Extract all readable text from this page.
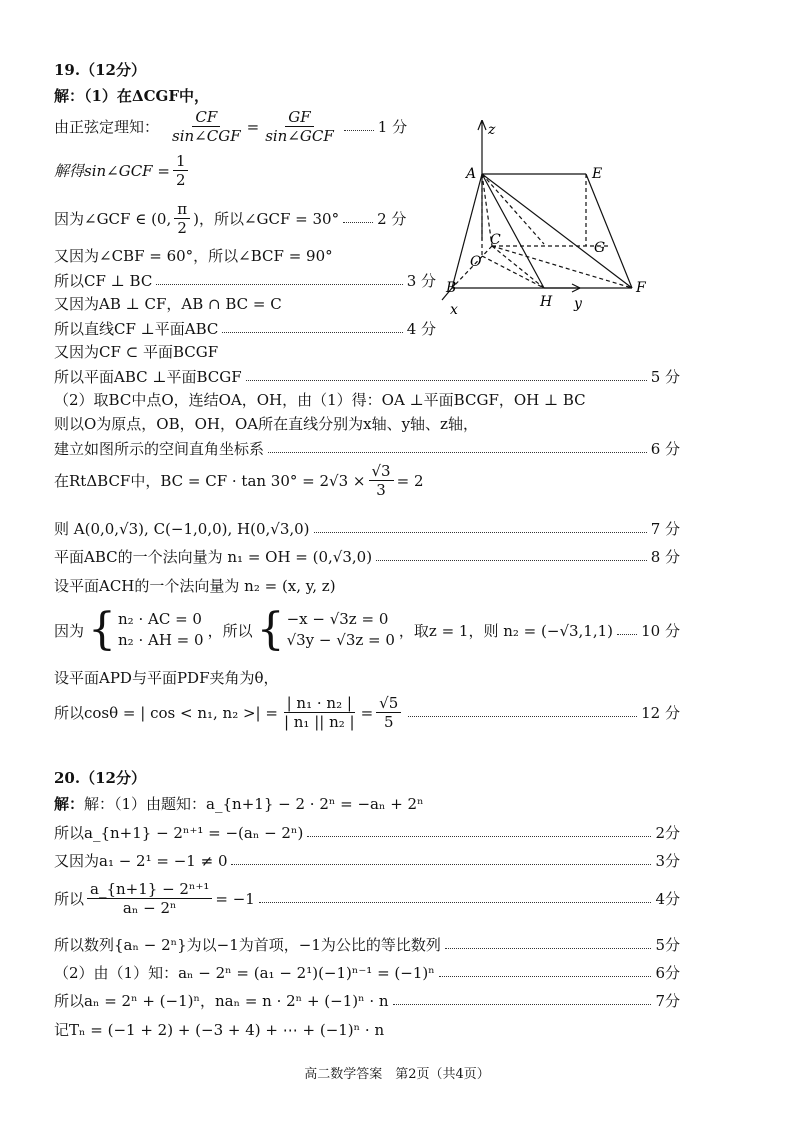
19.（12分）
解：（1）在ΔCGF中，
由正弦定理知： $\frac{CF}{\text{sin∠CGF}} = \frac{GF}{\text{sin∠GCF}}$	1 分
解得sin∠GCF = $\frac{1}{2}$
因为∠GCF ∈ (0, $\frac{\pi}{2}$ )，所以∠GCF = 30°	2 分
又因为∠CBF = 60°，所以∠BCF = 90°
所以CF ⊥ BC	3 分
又因为AB ⊥ CF，AB ∩ BC = C
所以直线CF ⊥平面ABC	4 分
又因为CF ⊂ 平面BCGF
所以平面ABC ⊥平面BCGF	5 分
（2）取BC中点O，连结OA，OH，由（1）得：OA ⊥平面BCGF，OH ⊥ BC
则以O为原点，OB，OH，OA所在直线分别为x轴、y轴、z轴，
建立如图所示的空间直角坐标系	6 分
在RtΔBCF中，BC = CF · $\tan 30^\circ = 2√3 \times \frac{√3}{3} = 2$
则 A(0,0,√3), C(−1,0,0), H(0,√3,0)	7 分
平面ABC的一个法向量为 n₁ = OH = (0,√3,0)	8 分
设平面ACH的一个法向量为 n₂ = (x, y, z)
因为 { n₂ · AC = 0
n₂ · AH = 0
，所以 { −x − √3z = 0
√3y − √3z = 0
，取z = 1，则 n₂ = (−√3,1,1) 10 分
设平面APD与平面PDF夹角为θ，
所以cosθ = | cos < n₁, n₂ >| = $\frac{\text{| n₁ · n₂ |}}{\text{| n₁ || n₂ |}} = \frac{√5}{5}$	12 分
20.（12分）
解：解：（1）由题知：a_{n+1} − 2 · 2ⁿ = −aₙ + 2ⁿ
所以a_{n+1} − 2ⁿ⁺¹ = −(aₙ − 2ⁿ)	2分
又因为a₁ − 2¹ = −1 ≠ 0	3分
所以 $\frac{\text{a\_\{n+1\} − 2ⁿ⁺¹}}{\text{aₙ − 2ⁿ}} = -1$	4分
所以数列{aₙ − 2ⁿ}为以−1为首项，−1为公比的等比数列	5分
（2）由（1）知：aₙ − 2ⁿ = (a₁ − 2¹)(−1)ⁿ⁻¹ = (−1)ⁿ	6分
所以aₙ = 2ⁿ + (−1)ⁿ，naₙ = n · 2ⁿ + (−1)ⁿ · n	7分
记Tₙ = (−1 + 2) + (−3 + 4) + ⋯ + (−1)ⁿ · n
z
A	E
C	G
O
B	F
H
x	y
高二数学答案　第2页（共4页）
